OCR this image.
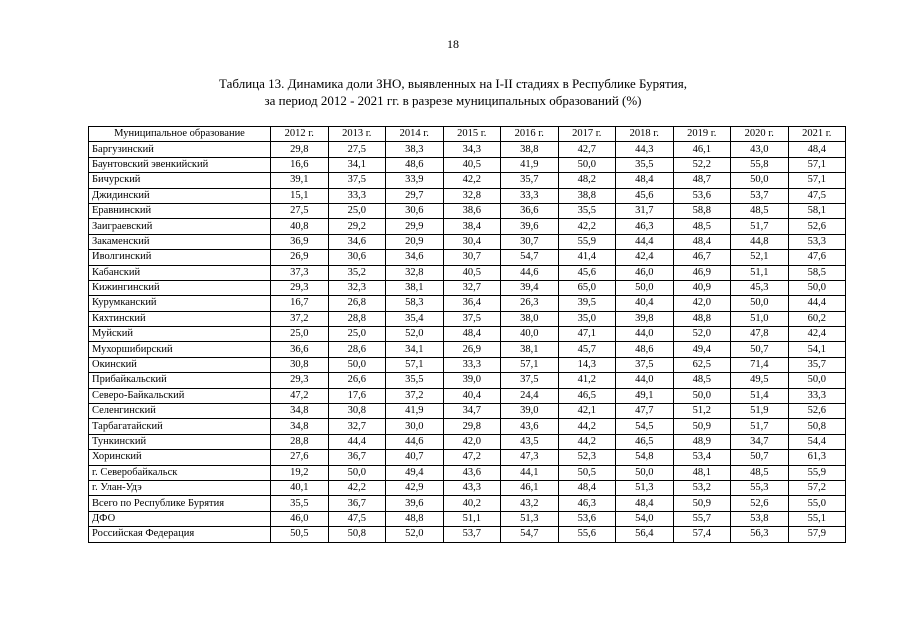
18
Таблица 13. Динамика доли ЗНО, выявленных на I-II стадиях в Республике Бурятия,
за период 2012 - 2021 гг. в разрезе муниципальных образований (%)
Муниципальное образование	2012 г.	2013 г.	2014 г.	2015 г.	2016 г.	2017 г.	2018 г.	2019 г.	2020 г.	2021 г.
Баргузинский	29,8	27,5	38,3	34,3	38,8	42,7	44,3	46,1	43,0	48,4
Баунтовский эвенкийский	16,6	34,1	48,6	40,5	41,9	50,0	35,5	52,2	55,8	57,1
Бичурский	39,1	37,5	33,9	42,2	35,7	48,2	48,4	48,7	50,0	57,1
Джидинский	15,1	33,3	29,7	32,8	33,3	38,8	45,6	53,6	53,7	47,5
Еравнинский	27,5	25,0	30,6	38,6	36,6	35,5	31,7	58,8	48,5	58,1
Заиграевский	40,8	29,2	29,9	38,4	39,6	42,2	46,3	48,5	51,7	52,6
Закаменский	36,9	34,6	20,9	30,4	30,7	55,9	44,4	48,4	44,8	53,3
Иволгинский	26,9	30,6	34,6	30,7	54,7	41,4	42,4	46,7	52,1	47,6
Кабанский	37,3	35,2	32,8	40,5	44,6	45,6	46,0	46,9	51,1	58,5
Кижингинский	29,3	32,3	38,1	32,7	39,4	65,0	50,0	40,9	45,3	50,0
Курумканский	16,7	26,8	58,3	36,4	26,3	39,5	40,4	42,0	50,0	44,4
Кяхтинский	37,2	28,8	35,4	37,5	38,0	35,0	39,8	48,8	51,0	60,2
Муйский	25,0	25,0	52,0	48,4	40,0	47,1	44,0	52,0	47,8	42,4
Мухоршибирский	36,6	28,6	34,1	26,9	38,1	45,7	48,6	49,4	50,7	54,1
Окинский	30,8	50,0	57,1	33,3	57,1	14,3	37,5	62,5	71,4	35,7
Прибайкальский	29,3	26,6	35,5	39,0	37,5	41,2	44,0	48,5	49,5	50,0
Северо-Байкальский	47,2	17,6	37,2	40,4	24,4	46,5	49,1	50,0	51,4	33,3
Селенгинский	34,8	30,8	41,9	34,7	39,0	42,1	47,7	51,2	51,9	52,6
Тарбагатайский	34,8	32,7	30,0	29,8	43,6	44,2	54,5	50,9	51,7	50,8
Тункинский	28,8	44,4	44,6	42,0	43,5	44,2	46,5	48,9	34,7	54,4
Хоринский	27,6	36,7	40,7	47,2	47,3	52,3	54,8	53,4	50,7	61,3
г. Северобайкальск	19,2	50,0	49,4	43,6	44,1	50,5	50,0	48,1	48,5	55,9
г. Улан-Удэ	40,1	42,2	42,9	43,3	46,1	48,4	51,3	53,2	55,3	57,2
Всего по Республике Бурятия	35,5	36,7	39,6	40,2	43,2	46,3	48,4	50,9	52,6	55,0
ДФО	46,0	47,5	48,8	51,1	51,3	53,6	54,0	55,7	53,8	55,1
Российская Федерация	50,5	50,8	52,0	53,7	54,7	55,6	56,4	57,4	56,3	57,9
